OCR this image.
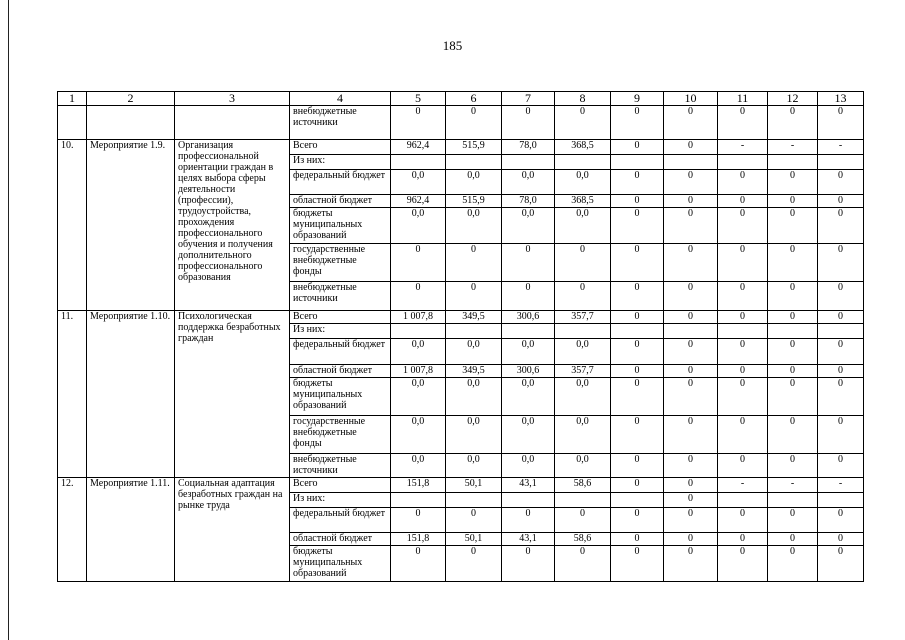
185
1	2	3	4	5	6	7	8	9	10	11	12	13
			внебюджетные источники	0	0	0	0	0	0	0	0	0
10.	Мероприятие 1.9.	Организация профессиональной ориентации граждан в целях выбора сферы деятельности (профессии), трудоустройства, прохождения профессионального обучения и получения дополнительного профессионального образования	Всего	962,4	515,9	78,0	368,5	0	0	-	-	-
			Из них:									
			федеральный бюджет	0,0	0,0	0,0	0,0	0	0	0	0	0
			областной бюджет	962,4	515,9	78,0	368,5	0	0	0	0	0
			бюджеты муниципальных образований	0,0	0,0	0,0	0,0	0	0	0	0	0
			государственные внебюджетные фонды	0	0	0	0	0	0	0	0	0
			внебюджетные источники	0	0	0	0	0	0	0	0	0
11.	Мероприятие 1.10.	Психологическая поддержка безработных граждан	Всего	1 007,8	349,5	300,6	357,7	0	0	0	0	0
			Из них:									
			федеральный бюджет	0,0	0,0	0,0	0,0	0	0	0	0	0
			областной бюджет	1 007,8	349,5	300,6	357,7	0	0	0	0	0
			бюджеты муниципальных образований	0,0	0,0	0,0	0,0	0	0	0	0	0
			государственные внебюджетные фонды	0,0	0,0	0,0	0,0	0	0	0	0	0
			внебюджетные источники	0,0	0,0	0,0	0,0	0	0	0	0	0
12.	Мероприятие 1.11.	Социальная адаптация безработных граждан на рынке труда	Всего	151,8	50,1	43,1	58,6	0	0	-	-	-
			Из них:						0			
			федеральный бюджет	0	0	0	0	0	0	0	0	0
			областной бюджет	151,8	50,1	43,1	58,6	0	0	0	0	0
			бюджеты муниципальных образований	0	0	0	0	0	0	0	0	0
